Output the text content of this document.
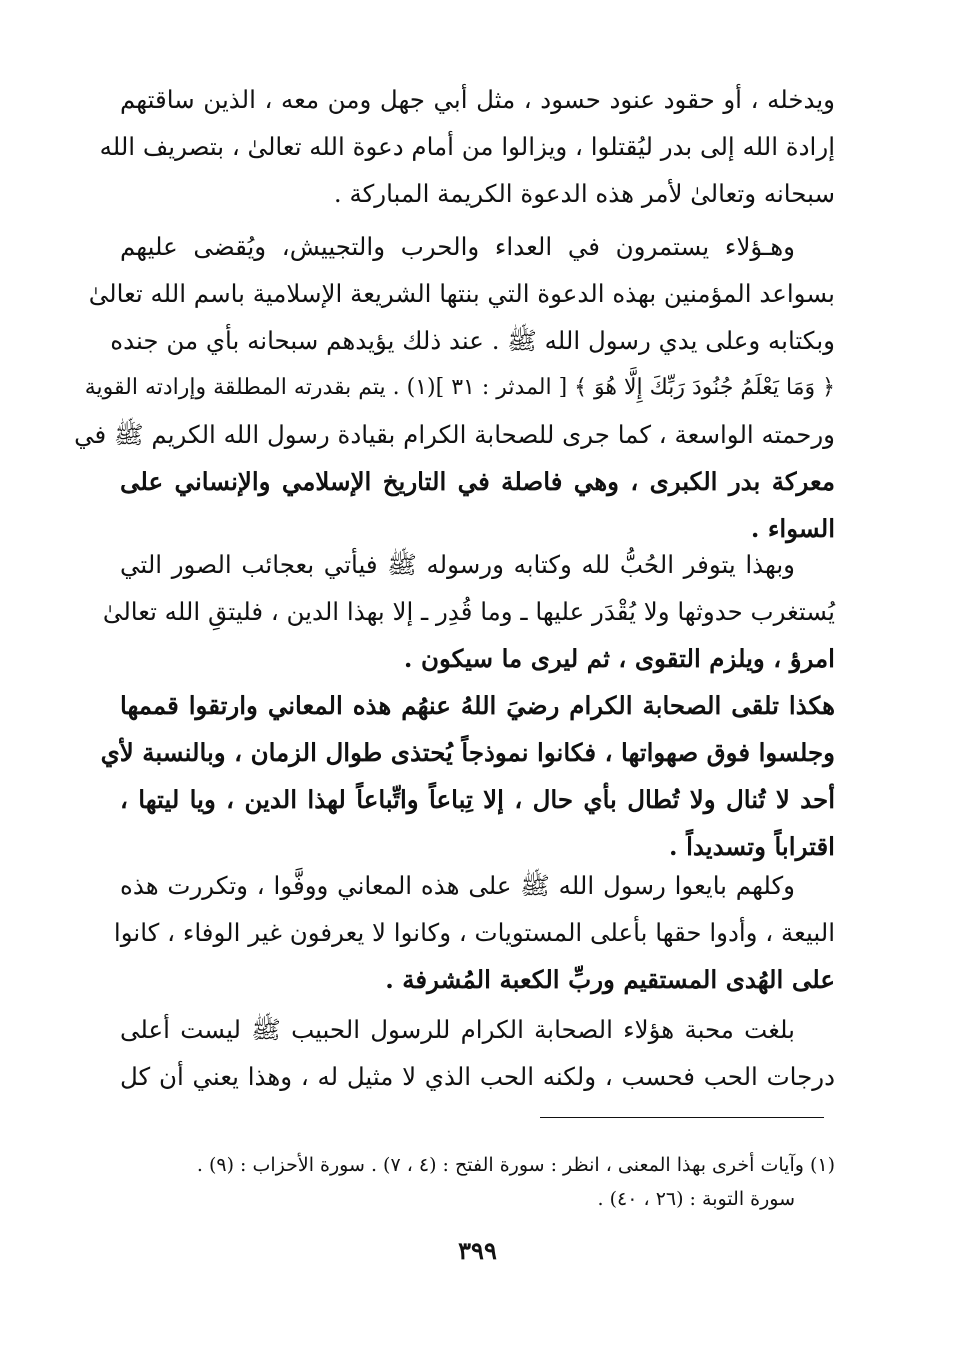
ويدخله ، أو حقود عنود حسود ، مثل أبي جهل ومن معه ، الذين ساقتهم
إرادة الله إلى بدر ليُقتلوا ، ويزالوا من أمام دعوة الله تعالىٰ ، بتصريف الله
سبحانه وتعالىٰ لأمر هذه الدعوة الكريمة المباركة .
وهـؤلاء يستمرون في العداء والحرب والتجييش، ويُقضى عليهم
بسواعد المؤمنين بهذه الدعوة التي بنتها الشريعة الإسلامية باسم الله تعالىٰ
وبكتابه وعلى يدي رسول الله ﷺ . عند ذلك يؤيدهم سبحانه بأي من جنده
﴿ وَمَا يَعْلَمُ جُنُودَ رَبِّكَ إِلَّا هُوَ ﴾ [ المدثر : ٣١ ](١) . يتم بقدرته المطلقة وإرادته القوية
ورحمته الواسعة ، كما جرى للصحابة الكرام بقيادة رسول الله الكريم ﷺ في
معركة بدر الكبرى ، وهي فاصلة في التاريخ الإسلامي والإنساني على
السواء .
وبهذا يتوفر الحُبُّ لله وكتابه ورسوله ﷺ فيأتي بعجائب الصور التي
يُستغرب حدوثها ولا يُقْدَر عليها ـ وما قُدِر ـ إلا بهذا الدين ، فليتقِ الله تعالىٰ
امرؤ ، ويلزم التقوى ، ثم ليرى ما سيكون .
هكذا تلقى الصحابة الكرام رضيَ اللهُ عنهُم هذه المعاني وارتقوا قممها
وجلسوا فوق صهواتها ، فكانوا نموذجاً يُحتذى طوال الزمان ، وبالنسبة لأي
أحد لا تُنال ولا تُطال بأي حال ، إلا تِباعاً واتِّباعاً لهذا الدين ، ويا ليتها ،
اقتراباً وتسديداً .
وكلهم بايعوا رسول الله ﷺ على هذه المعاني ووفَّوا ، وتكررت هذه
البيعة ، وأدوا حقها بأعلى المستويات ، وكانوا لا يعرفون غير الوفاء ، كانوا
على الهُدى المستقيم وربِّ الكعبة المُشرفة .
بلغت محبة هؤلاء الصحابة الكرام للرسول الحبيب ﷺ ليست أعلى
درجات الحب فحسب ، ولكنه الحب الذي لا مثيل له ، وهذا يعني أن كل
(١) وآيات أخرى بهذا المعنى ، انظر : سورة الفتح : (٤ ، ٧) . سورة الأحزاب : (٩) .
سورة التوبة : (٢٦ ، ٤٠) .
٣٩٩
